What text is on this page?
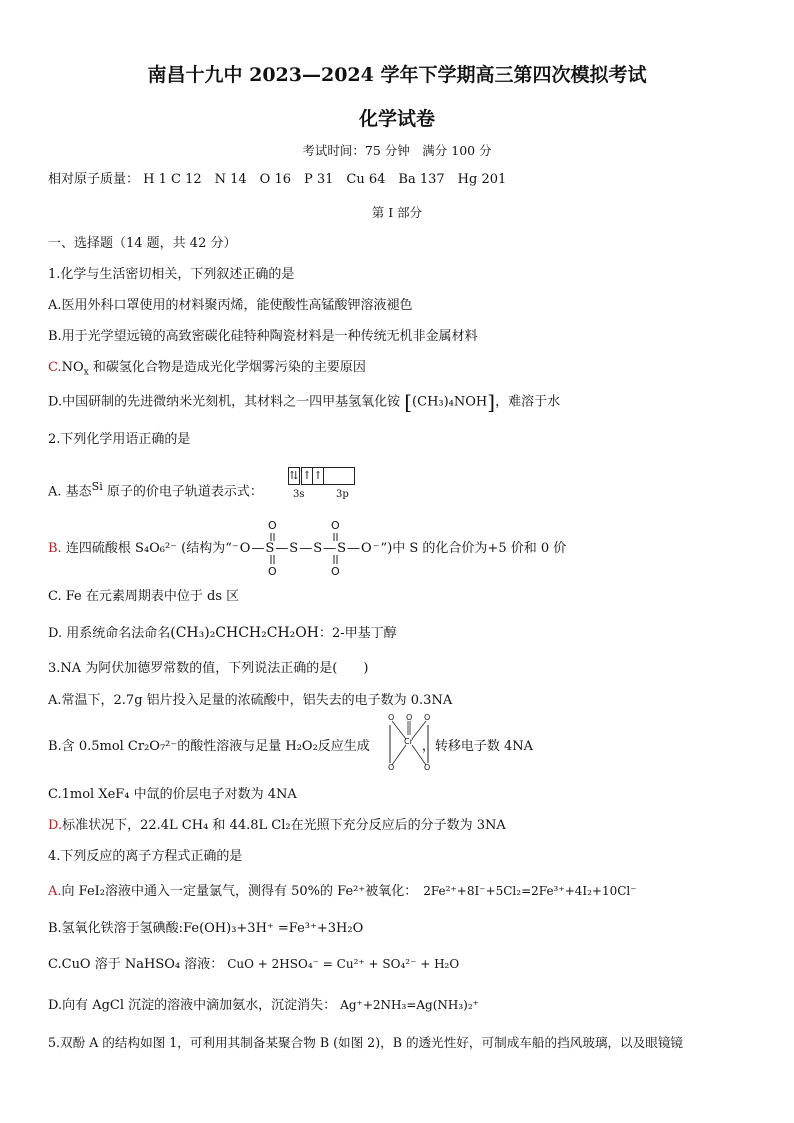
南昌十九中 2023—2024 学年下学期高三第四次模拟考试
化学试卷
考试时间：75 分钟　满分 100 分
相对原子质量： H 1 C 12　N 14　O 16　P 31　Cu 64　Ba 137　Hg 201
第 I 部分
一、选择题（14 题，共 42 分）
1.化学与生活密切相关，下列叙述正确的是
A.医用外科口罩使用的材料聚丙烯，能使酸性高锰酸钾溶液褪色
B.用于光学望远镜的高致密碳化硅特种陶瓷材料是一种传统无机非金属材料
$C.NO_x$ 和碳氢化合物是造成光化学烟雾污染的主要原因
D.中国研制的先进微纳米光刻机，其材料之一四甲基氢氧化铵 [(CH₃)₄NOH]，难溶于水
2.下列化学用语正确的是
A. 基态$^{Si}$ 原子的价电子轨道表示式：
⇅ ↑ ↑
3s	3p
B. 连四硫酸根 S₄O₆²⁻ (结构为“⁻O—S—S—S—S—O⁻”)中 S 的化合价为+5 价和 0 价
O	O
O	O
C. Fe 在元素周期表中位于 ds 区
D. 用系统命名法命名(CH₃)₂CHCH₂CH₂OH：2-甲基丁醇
3.NA 为阿伏加德罗常数的值，下列说法正确的是(　　)
A.常温下，2.7g 铝片投入足量的浓硫酸中，铝失去的电子数为 0.3NA
B.含 0.5mol Cr₂O₇²⁻的酸性溶液与足量 H₂O₂反应生成	，转移电子数 4NA
O O O
Cr
O	O
C.1mol XeF₄ 中氙的价层电子对数为 4NA
D.标准状况下，22.4L CH₄ 和 44.8L Cl₂在光照下充分反应后的分子数为 3NA
4.下列反应的离子方程式正确的是
A.向 FeI₂溶液中通入一定量氯气，测得有 50%的 Fe²⁺被氧化： 2Fe²⁺+8I⁻+5Cl₂=2Fe³⁺+4I₂+10Cl⁻
B.氢氧化铁溶于氢碘酸:Fe(OH)₃+3H⁺ =Fe³⁺+3H₂O
C.CuO 溶于 NaHSO₄ 溶液： CuO + 2HSO₄⁻ = Cu²⁺ + SO₄²⁻ + H₂O
D.向有 AgCl 沉淀的溶液中滴加氨水，沉淀消失： Ag⁺+2NH₃=Ag(NH₃)₂⁺
5.双酚 A 的结构如图 1，可利用其制备某聚合物 B (如图 2)，B 的透光性好，可制成车船的挡风玻璃，以及眼镜镜
